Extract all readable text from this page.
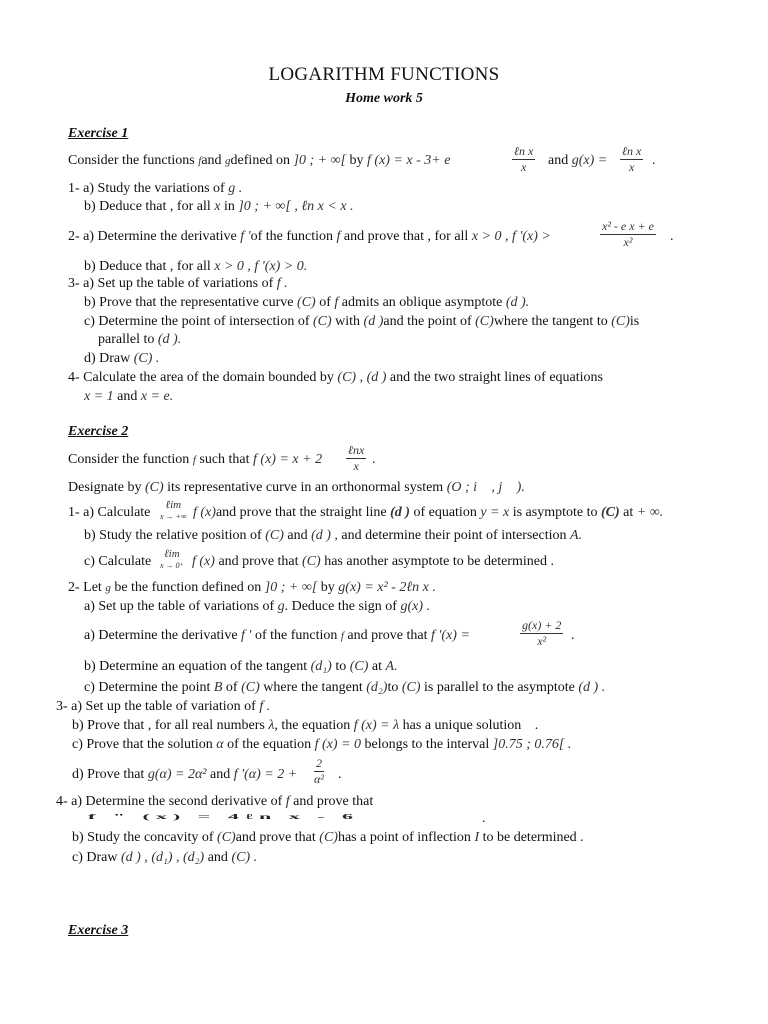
LOGARITHM FUNCTIONS
Home work 5
Exercise 1
Consider the functions fand gdefined on ]0 ; + ∞[ by f (x) = x - 3+ e
ℓn x
x	and g(x) =
ℓn x
x	.
1- a) Study the variations of g .
b) Deduce that , for all x in ]0 ; + ∞[ , ℓn x < x .
2- a) Determine the derivative f 'of the function f and prove that , for all x > 0 , f '(x) >	$\frac{\text{x² - e x + e}}{\text{x²}}$ .
b) Deduce that , for all x > 0 , f '(x) > 0.
3- a) Set up the table of variations of f .
b) Prove that the representative curve (C) of f admits an oblique asymptote (d ).
c) Determine the point of intersection of (C) with (d )and the point of (C)where the tangent to (C)is
parallel to (d ).
d) Draw (C) .
4- Calculate the area of the domain bounded by (C) , (d ) and the two straight lines of equations
x = 1 and x = e.
Exercise 2
Consider the function f such that f (x) = x + 2
ℓnx
x .
Designate by (C) its representative curve in an orthonormal system (O ; i⃗ , j⃗ ).
1- a) Calculate	ℓim
x → +∞ f (x)and prove that the straight line (d ) of equation y = x is asymptote to (C) at + ∞.
b) Study the relative position of (C) and (d ) , and determine their point of intersection A.
c) Calculate	ℓim
x → 0⁺ f (x) and prove that (C) has another asymptote to be determined .
2- Let g be the function defined on ]0 ; + ∞[ by g(x) = x² - 2ℓn x .
a) Set up the table of variations of g. Deduce the sign of g(x) .
a) Determine the derivative f ' of the function f and prove that f '(x) =	$\frac{g(x) + 2}{\text{x²}}$ .
b) Determine an equation of the tangent (d₁) to (C) at A.
c) Determine the point B of (C) where the tangent (d₂)to (C) is parallel to the asymptote (d ) .
3- a) Set up the table of variation of f .
b) Prove that , for all real numbers λ, the equation f (x) = λ has a unique solution .
c) Prove that the solution α of the equation f (x) = 0 belongs to the interval ]0.75 ; 0.76[ .
d) Prove that g(α) = 2α² and f '$(\alpha) = 2 + \frac{2}{\text{α²}}$ .
4- a) Determine the second derivative of f and prove that
f " (x) = 4ℓn x - 6	.
b) Study the concavity of (C)and prove that (C)has a point of inflection I to be determined .
c) Draw (d ) , (d₁) , (d₂) and (C) .
Exercise 3
